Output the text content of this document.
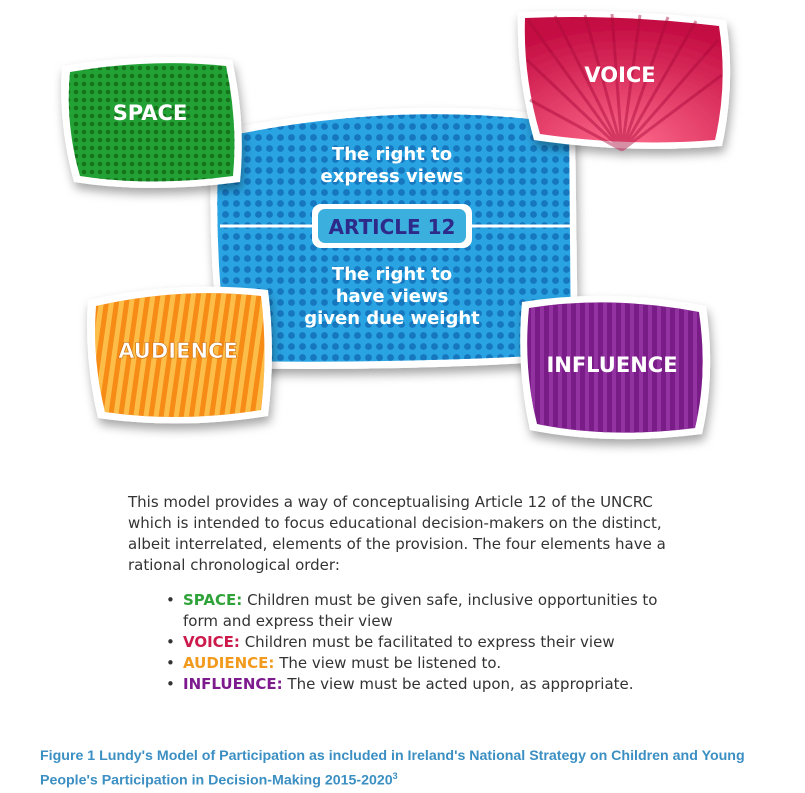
The right to
express views
ARTICLE 12
The right to
have views
given due weight
SPACE
VOICE
AUDIENCE
INFLUENCE

This model provides a way of conceptualising Article 12 of the UNCRC which is intended to focus educational decision-makers on the distinct, albeit interrelated, elements of the provision. The four elements have a rational chronological order:

• SPACE: Children must be given safe, inclusive opportunities to form and express their view
• VOICE: Children must be facilitated to express their view
• AUDIENCE: The view must be listened to.
• INFLUENCE: The view must be acted upon, as appropriate.
Figure 1 Lundy's Model of Participation as included in Ireland's National Strategy on Children and Young People's Participation in Decision-Making 2015-2020$^3$
